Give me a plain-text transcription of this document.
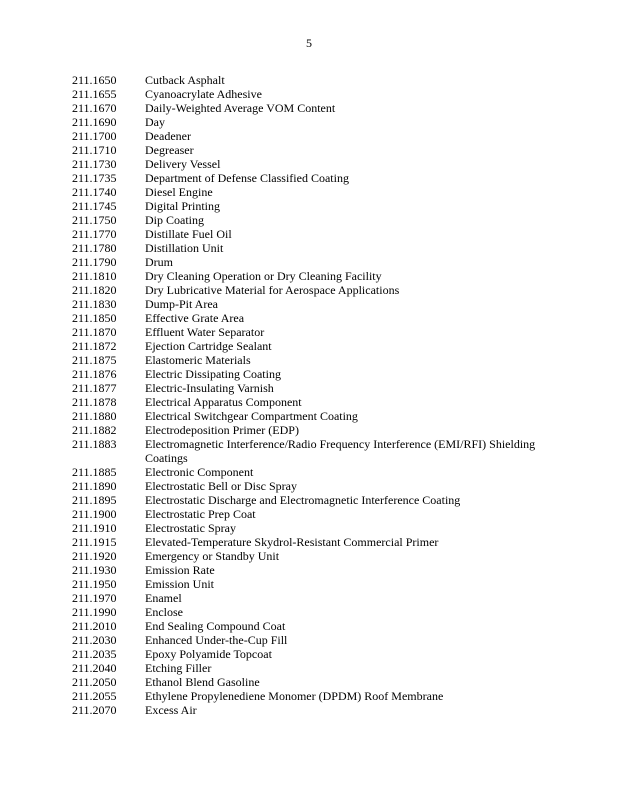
5
211.1650	Cutback Asphalt
211.1655	Cyanoacrylate Adhesive
211.1670	Daily-Weighted Average VOM Content
211.1690	Day
211.1700	Deadener
211.1710	Degreaser
211.1730	Delivery Vessel
211.1735	Department of Defense Classified Coating
211.1740	Diesel Engine
211.1745	Digital Printing
211.1750	Dip Coating
211.1770	Distillate Fuel Oil
211.1780	Distillation Unit
211.1790	Drum
211.1810	Dry Cleaning Operation or Dry Cleaning Facility
211.1820	Dry Lubricative Material for Aerospace Applications
211.1830	Dump-Pit Area
211.1850	Effective Grate Area
211.1870	Effluent Water Separator
211.1872	Ejection Cartridge Sealant
211.1875	Elastomeric Materials
211.1876	Electric Dissipating Coating
211.1877	Electric-Insulating Varnish
211.1878	Electrical Apparatus Component
211.1880	Electrical Switchgear Compartment Coating
211.1882	Electrodeposition Primer (EDP)
211.1883	Electromagnetic Interference/Radio Frequency Interference (EMI/RFI) Shielding Coatings
211.1885	Electronic Component
211.1890	Electrostatic Bell or Disc Spray
211.1895	Electrostatic Discharge and Electromagnetic Interference Coating
211.1900	Electrostatic Prep Coat
211.1910	Electrostatic Spray
211.1915	Elevated-Temperature Skydrol-Resistant Commercial Primer
211.1920	Emergency or Standby Unit
211.1930	Emission Rate
211.1950	Emission Unit
211.1970	Enamel
211.1990	Enclose
211.2010	End Sealing Compound Coat
211.2030	Enhanced Under-the-Cup Fill
211.2035	Epoxy Polyamide Topcoat
211.2040	Etching Filler
211.2050	Ethanol Blend Gasoline
211.2055	Ethylene Propylenediene Monomer (DPDM) Roof Membrane
211.2070	Excess Air
